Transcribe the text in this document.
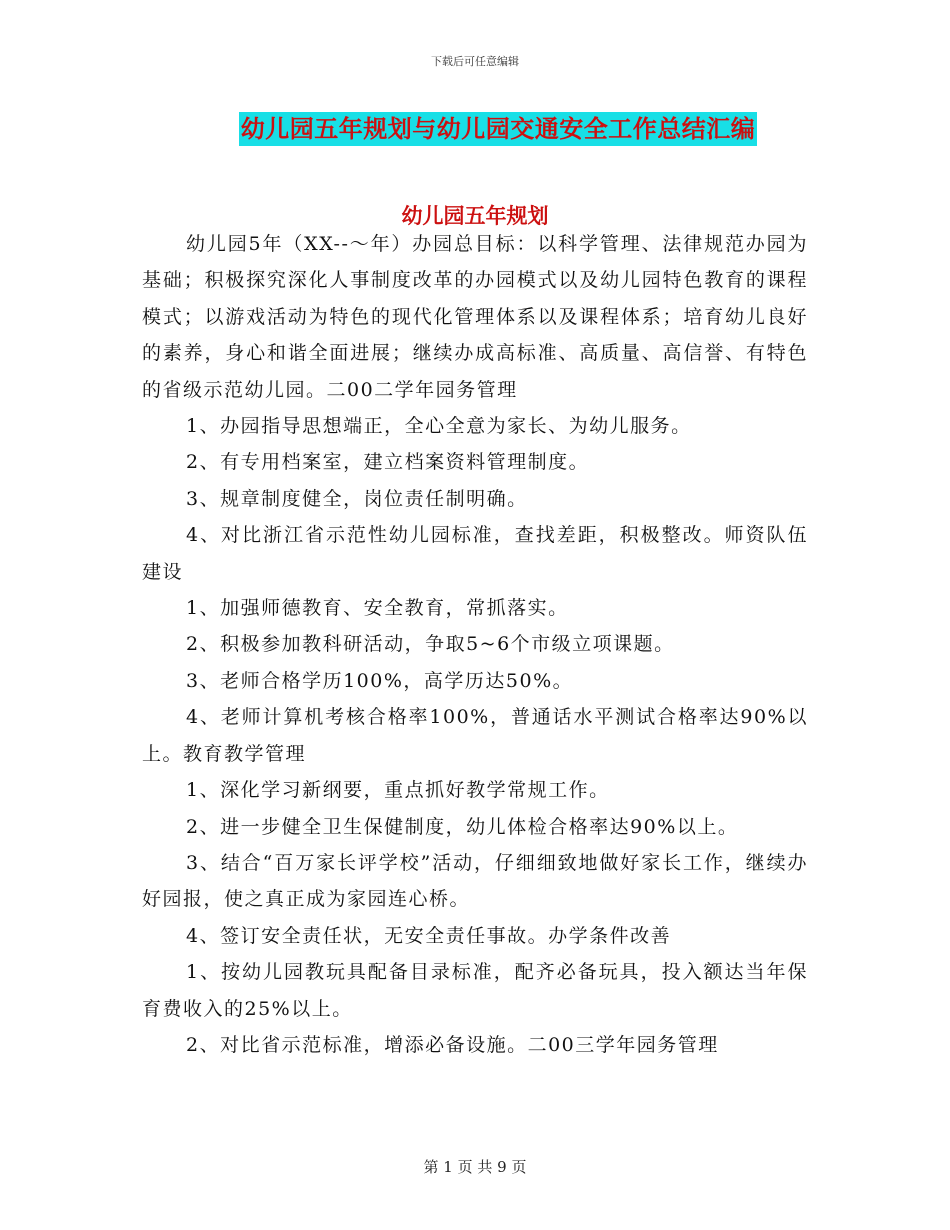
下载后可任意编辑
幼儿园五年规划与幼儿园交通安全工作总结汇编
幼儿园五年规划

幼儿园5年（XX--～年）办园总目标：以科学管理、法律规范办园为基础；积极探究深化人事制度改革的办园模式以及幼儿园特色教育的课程模式；以游戏活动为特色的现代化管理体系以及课程体系；培育幼儿良好的素养，身心和谐全面进展；继续办成高标准、高质量、高信誉、有特色的省级示范幼儿园。二00二学年园务管理

1、办园指导思想端正，全心全意为家长、为幼儿服务。

2、有专用档案室，建立档案资料管理制度。

3、规章制度健全，岗位责任制明确。

4、对比浙江省示范性幼儿园标准，查找差距，积极整改。师资队伍建设

1、加强师德教育、安全教育，常抓落实。

2、积极参加教科研活动，争取5~6个市级立项课题。

3、老师合格学历100%，高学历达50%。

4、老师计算机考核合格率100%，普通话水平测试合格率达90%以上。教育教学管理

1、深化学习新纲要，重点抓好教学常规工作。

2、进一步健全卫生保健制度，幼儿体检合格率达90%以上。

3、结合“百万家长评学校”活动，仔细细致地做好家长工作，继续办好园报，使之真正成为家园连心桥。

4、签订安全责任状，无安全责任事故。办学条件改善

1、按幼儿园教玩具配备目录标准，配齐必备玩具，投入额达当年保育费收入的25%以上。

2、对比省示范标准，增添必备设施。二00三学年园务管理

第 1 页 共 9 页
